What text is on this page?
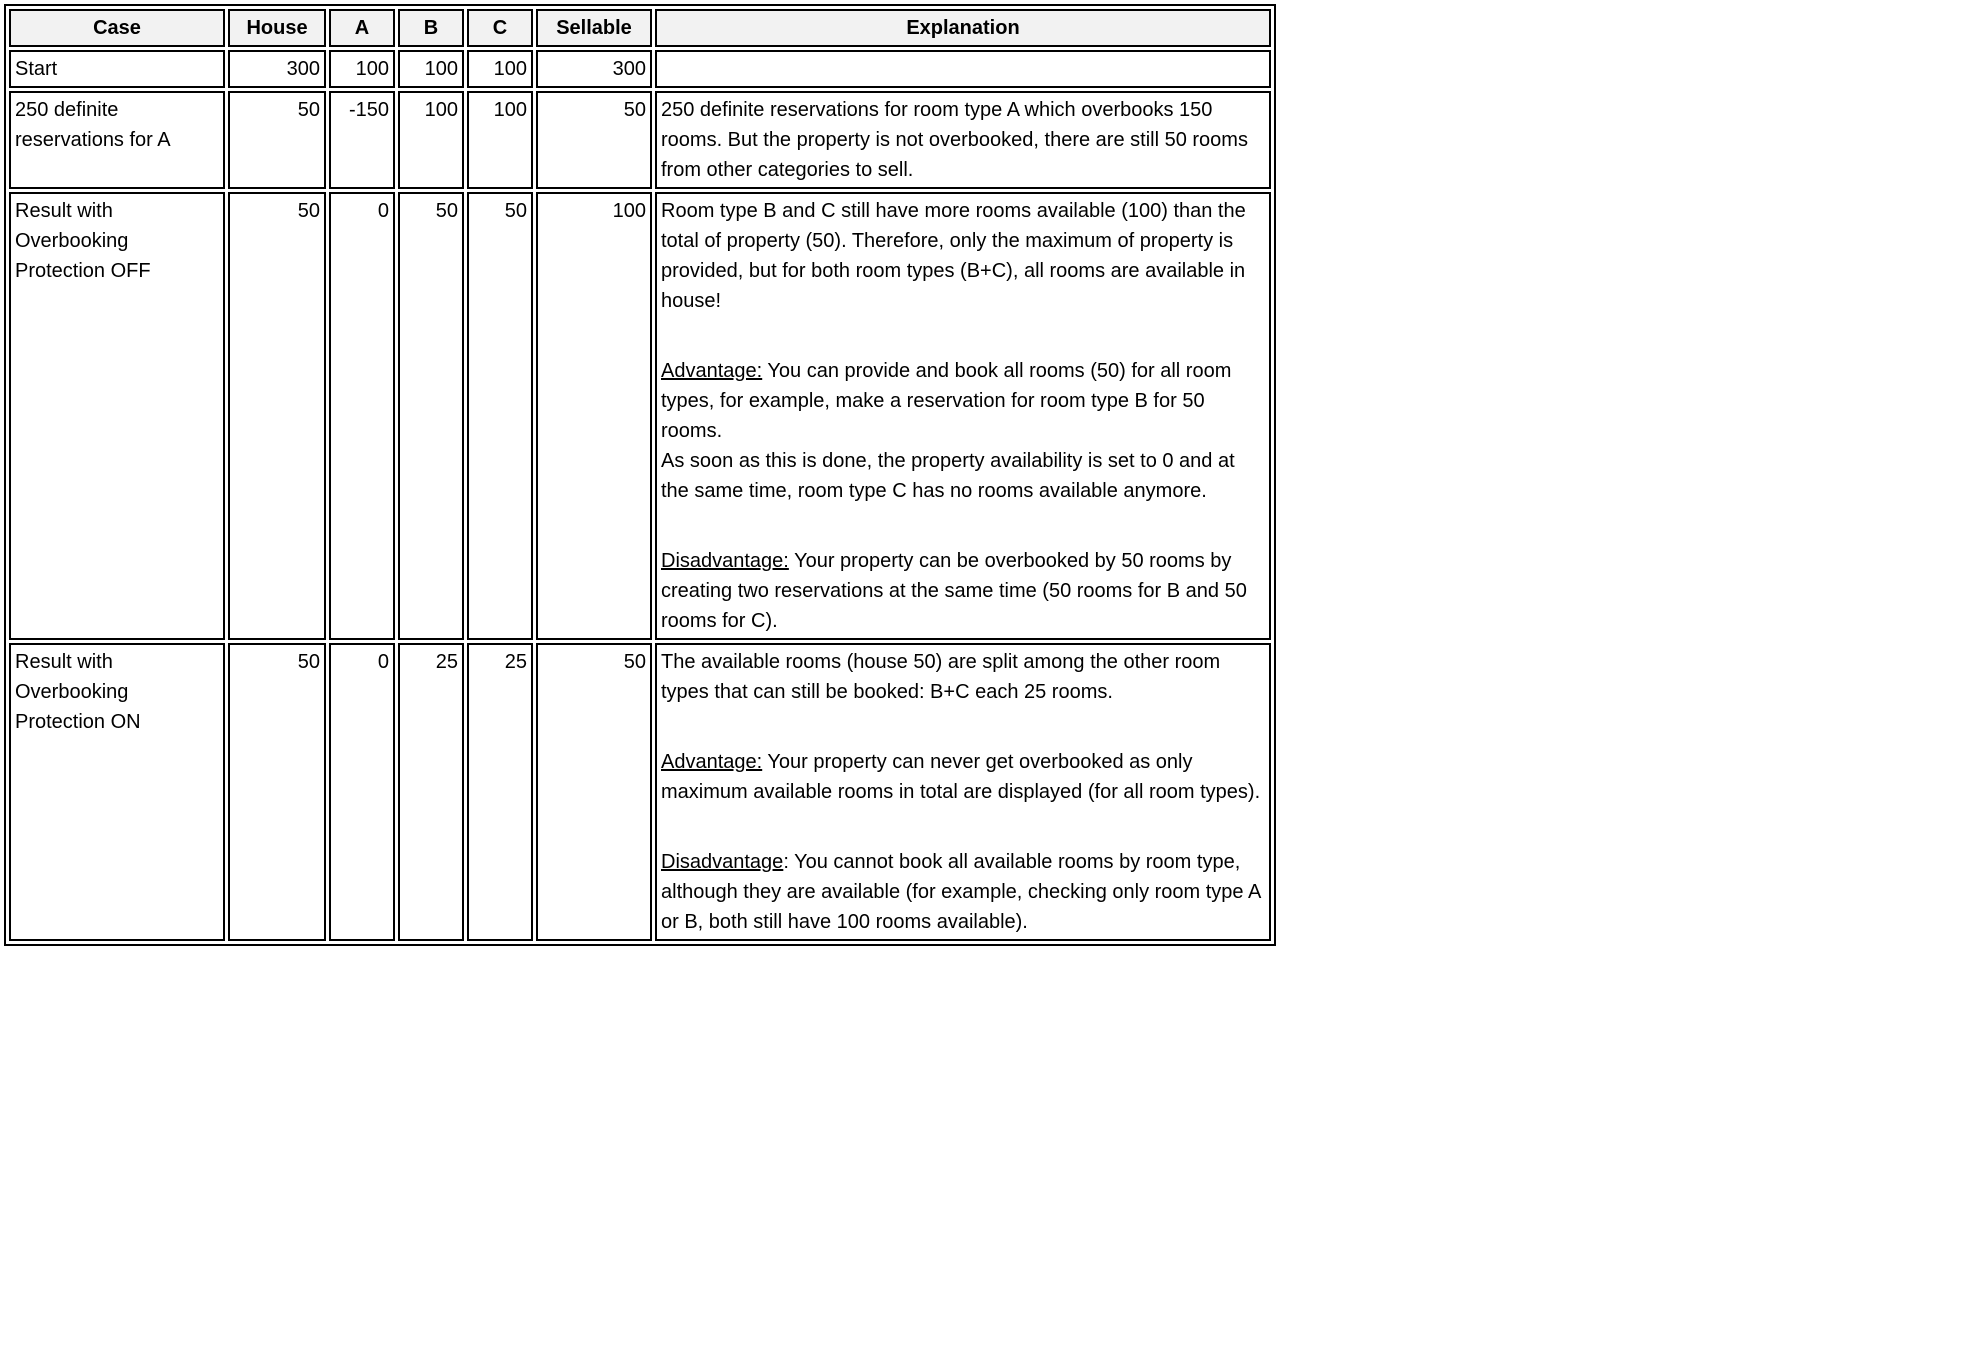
Case	House	A	B	C	Sellable	Explanation
Start	300	100	100	100	300	
250 definite reservations for A	50	-150	100	100	50	250 definite reservations for room type A which overbooks 150 rooms. But the property is not overbooked, there are still 50 rooms from other categories to sell.

Result with Overbooking Protection OFF	50	0	50	50	100	Room type B and C still have more rooms available (100) than the total of property (50). Therefore, only the maximum of property is provided, but for both room types (B+C), all rooms are available in house!
Advantage: You can provide and book all rooms (50) for all room types, for example, make a reservation for room type B for 50 rooms.
As soon as this is done, the property availability is set to 0 and at the same time, room type C has no rooms available anymore.
Disadvantage: Your property can be overbooked by 50 rooms by creating two reservations at the same time (50 rooms for B and 50 rooms for C).

Result with Overbooking Protection ON	50	0	25	25	50	The available rooms (house 50) are split among the other room types that can still be booked: B+C each 25 rooms.
Advantage: Your property can never get overbooked as only maximum available rooms in total are displayed (for all room types).
Disadvantage: You cannot book all available rooms by room type, although they are available (for example, checking only room type A or B, both still have 100 rooms available).
